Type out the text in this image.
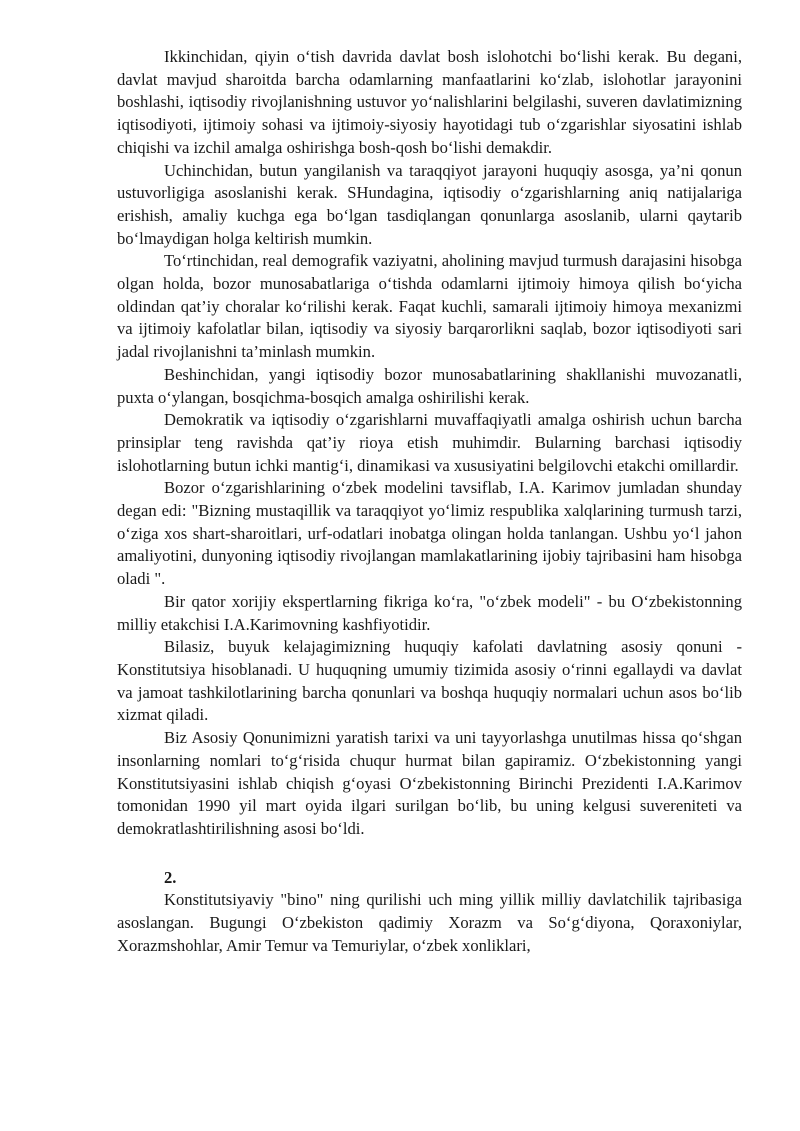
Ikkinchidan, qiyin o‘tish davrida davlat bosh islohotchi bo‘lishi kerak. Bu degani, davlat mavjud sharoitda barcha odamlarning manfaatlarini ko‘zlab, islohotlar jarayonini boshlashi, iqtisodiy rivojlanishning ustuvor yo‘nalishlarini belgilashi, suveren davlatimizning iqtisodiyoti, ijtimoiy sohasi va ijtimoiy-siyosiy hayotidagi tub o‘zgarishlar siyosatini ishlab chiqishi va izchil amalga oshirishga bosh-qosh bo‘lishi demakdir.

Uchinchidan, butun yangilanish va taraqqiyot jarayoni huquqiy asosga, ya’ni qonun ustuvorligiga asoslanishi kerak. SHundagina, iqtisodiy o‘zgarishlarning aniq natijalariga erishish, amaliy kuchga ega bo‘lgan tasdiqlangan qonunlarga asoslanib, ularni qaytarib bo‘lmaydigan holga keltirish mumkin.

To‘rtinchidan, real demografik vaziyatni, aholining mavjud turmush darajasini hisobga olgan holda, bozor munosabatlariga o‘tishda odamlarni ijtimoiy himoya qilish bo‘yicha oldindan qat’iy choralar ko‘rilishi kerak. Faqat kuchli, samarali ijtimoiy himoya mexanizmi va ijtimoiy kafolatlar bilan, iqtisodiy va siyosiy barqarorlikni saqlab, bozor iqtisodiyoti sari jadal rivojlanishni ta’minlash mumkin.

Beshinchidan, yangi iqtisodiy bozor munosabatlarining shakllanishi muvozanatli, puxta o‘ylangan, bosqichma-bosqich amalga oshirilishi kerak.

Demokratik va iqtisodiy o‘zgarishlarni muvaffaqiyatli amalga oshirish uchun barcha prinsiplar teng ravishda qat’iy rioya etish muhimdir. Bularning barchasi iqtisodiy islohotlarning butun ichki mantig‘i, dinamikasi va xususiyatini belgilovchi etakchi omillardir.

Bozor o‘zgarishlarining o‘zbek modelini tavsiflab, I.A. Karimov jumladan shunday degan edi: "Bizning mustaqillik va taraqqiyot yo‘limiz respublika xalqlarining turmush tarzi, o‘ziga xos shart-sharoitlari, urf-odatlari inobatga olingan holda tanlangan. Ushbu yo‘l jahon amaliyotini, dunyoning iqtisodiy rivojlangan mamlakatlarining ijobiy tajribasini ham hisobga oladi ".

Bir qator xorijiy ekspertlarning fikriga ko‘ra, "o‘zbek modeli" - bu O‘zbekistonning milliy etakchisi I.A.Karimovning kashfiyotidir.

Bilasiz, buyuk kelajagimizning huquqiy kafolati davlatning asosiy qonuni - Konstitutsiya hisoblanadi. U huquqning umumiy tizimida asosiy o‘rinni egallaydi va davlat va jamoat tashkilotlarining barcha qonunlari va boshqa huquqiy normalari uchun asos bo‘lib xizmat qiladi.

Biz Asosiy Qonunimizni yaratish tarixi va uni tayyorlashga unutilmas hissa qo‘shgan insonlarning nomlari to‘g‘risida chuqur hurmat bilan gapiramiz. O‘zbekistonning yangi Konstitutsiyasini ishlab chiqish g‘oyasi O‘zbekistonning Birinchi Prezidenti I.A.Karimov tomonidan 1990 yil mart oyida ilgari surilgan bo‘lib, bu uning kelgusi suvereniteti va demokratlashtirilishning asosi bo‘ldi.

2.

Konstitutsiyaviy "bino" ning qurilishi uch ming yillik milliy davlatchilik tajribasiga asoslangan. Bugungi O‘zbekiston qadimiy Xorazm va So‘g‘diyona, Qoraxoniylar, Xorazmshohlar, Amir Temur va Temuriylar, o‘zbek xonliklari,
